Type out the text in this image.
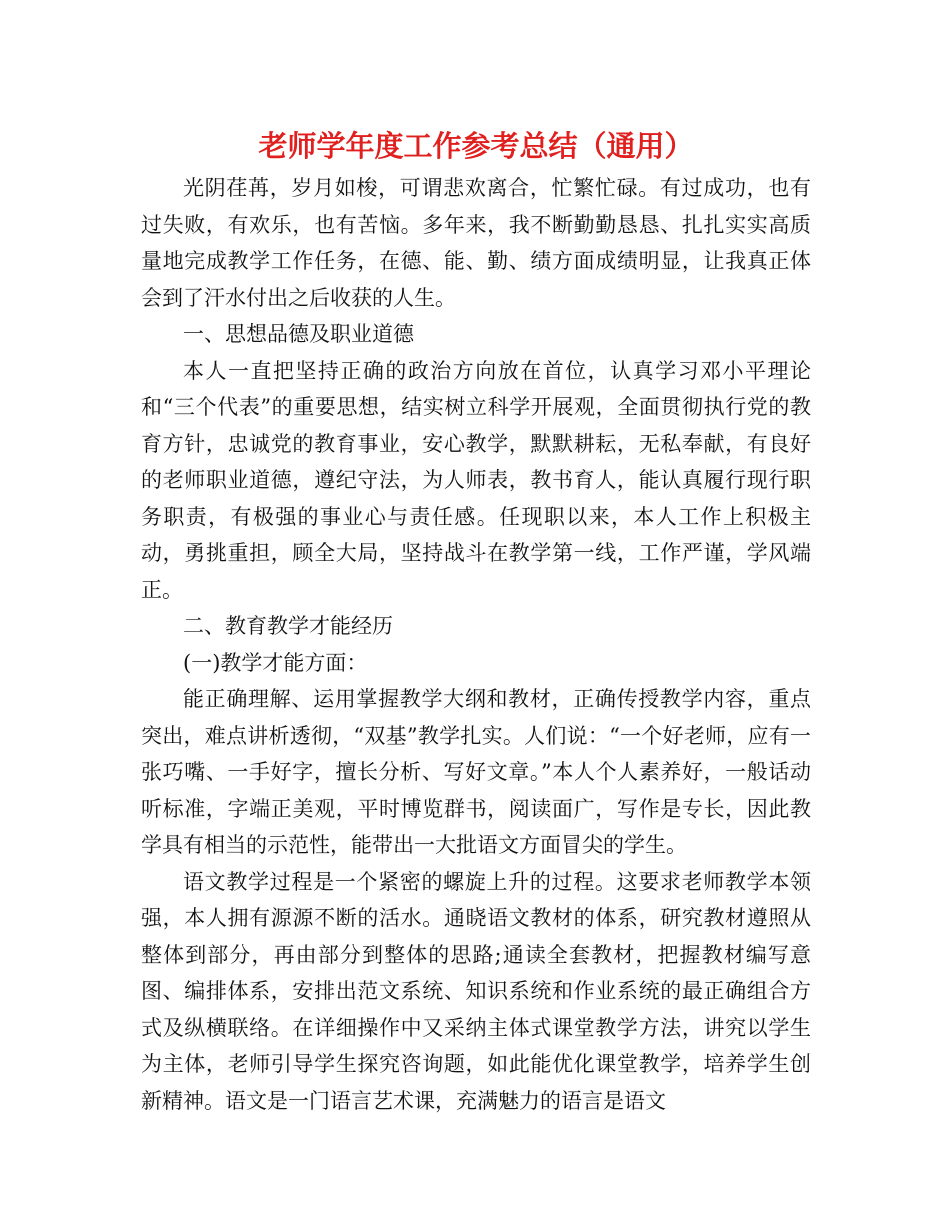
老师学年度工作参考总结（通用）

光阴荏苒，岁月如梭，可谓悲欢离合，忙繁忙碌。有过成功，也有过失败，有欢乐，也有苦恼。多年来，我不断勤勤恳恳、扎扎实实高质量地完成教学工作任务，在德、能、勤、绩方面成绩明显，让我真正体会到了汗水付出之后收获的人生。

一、思想品德及职业道德

本人一直把坚持正确的政治方向放在首位，认真学习邓小平理论和“三个代表”的重要思想，结实树立科学开展观，全面贯彻执行党的教育方针，忠诚党的教育事业，安心教学，默默耕耘，无私奉献，有良好的老师职业道德，遵纪守法，为人师表，教书育人，能认真履行现行职务职责，有极强的事业心与责任感。任现职以来，本人工作上积极主动，勇挑重担，顾全大局，坚持战斗在教学第一线，工作严谨，学风端正。

二、教育教学才能经历

(一)教学才能方面：

能正确理解、运用掌握教学大纲和教材，正确传授教学内容，重点突出，难点讲析透彻，“双基”教学扎实。人们说：“一个好老师，应有一张巧嘴、一手好字，擅长分析、写好文章。”本人个人素养好，一般话动听标准，字端正美观，平时博览群书，阅读面广，写作是专长，因此教学具有相当的示范性，能带出一大批语文方面冒尖的学生。

语文教学过程是一个紧密的螺旋上升的过程。这要求老师教学本领强，本人拥有源源不断的活水。通晓语文教材的体系，研究教材遵照从整体到部分，再由部分到整体的思路;通读全套教材，把握教材编写意图、编排体系，安排出范文系统、知识系统和作业系统的最正确组合方式及纵横联络。在详细操作中又采纳主体式课堂教学方法，讲究以学生为主体，老师引导学生探究咨询题，如此能优化课堂教学，培养学生创新精神。语文是一门语言艺术课，充满魅力的语言是语文
